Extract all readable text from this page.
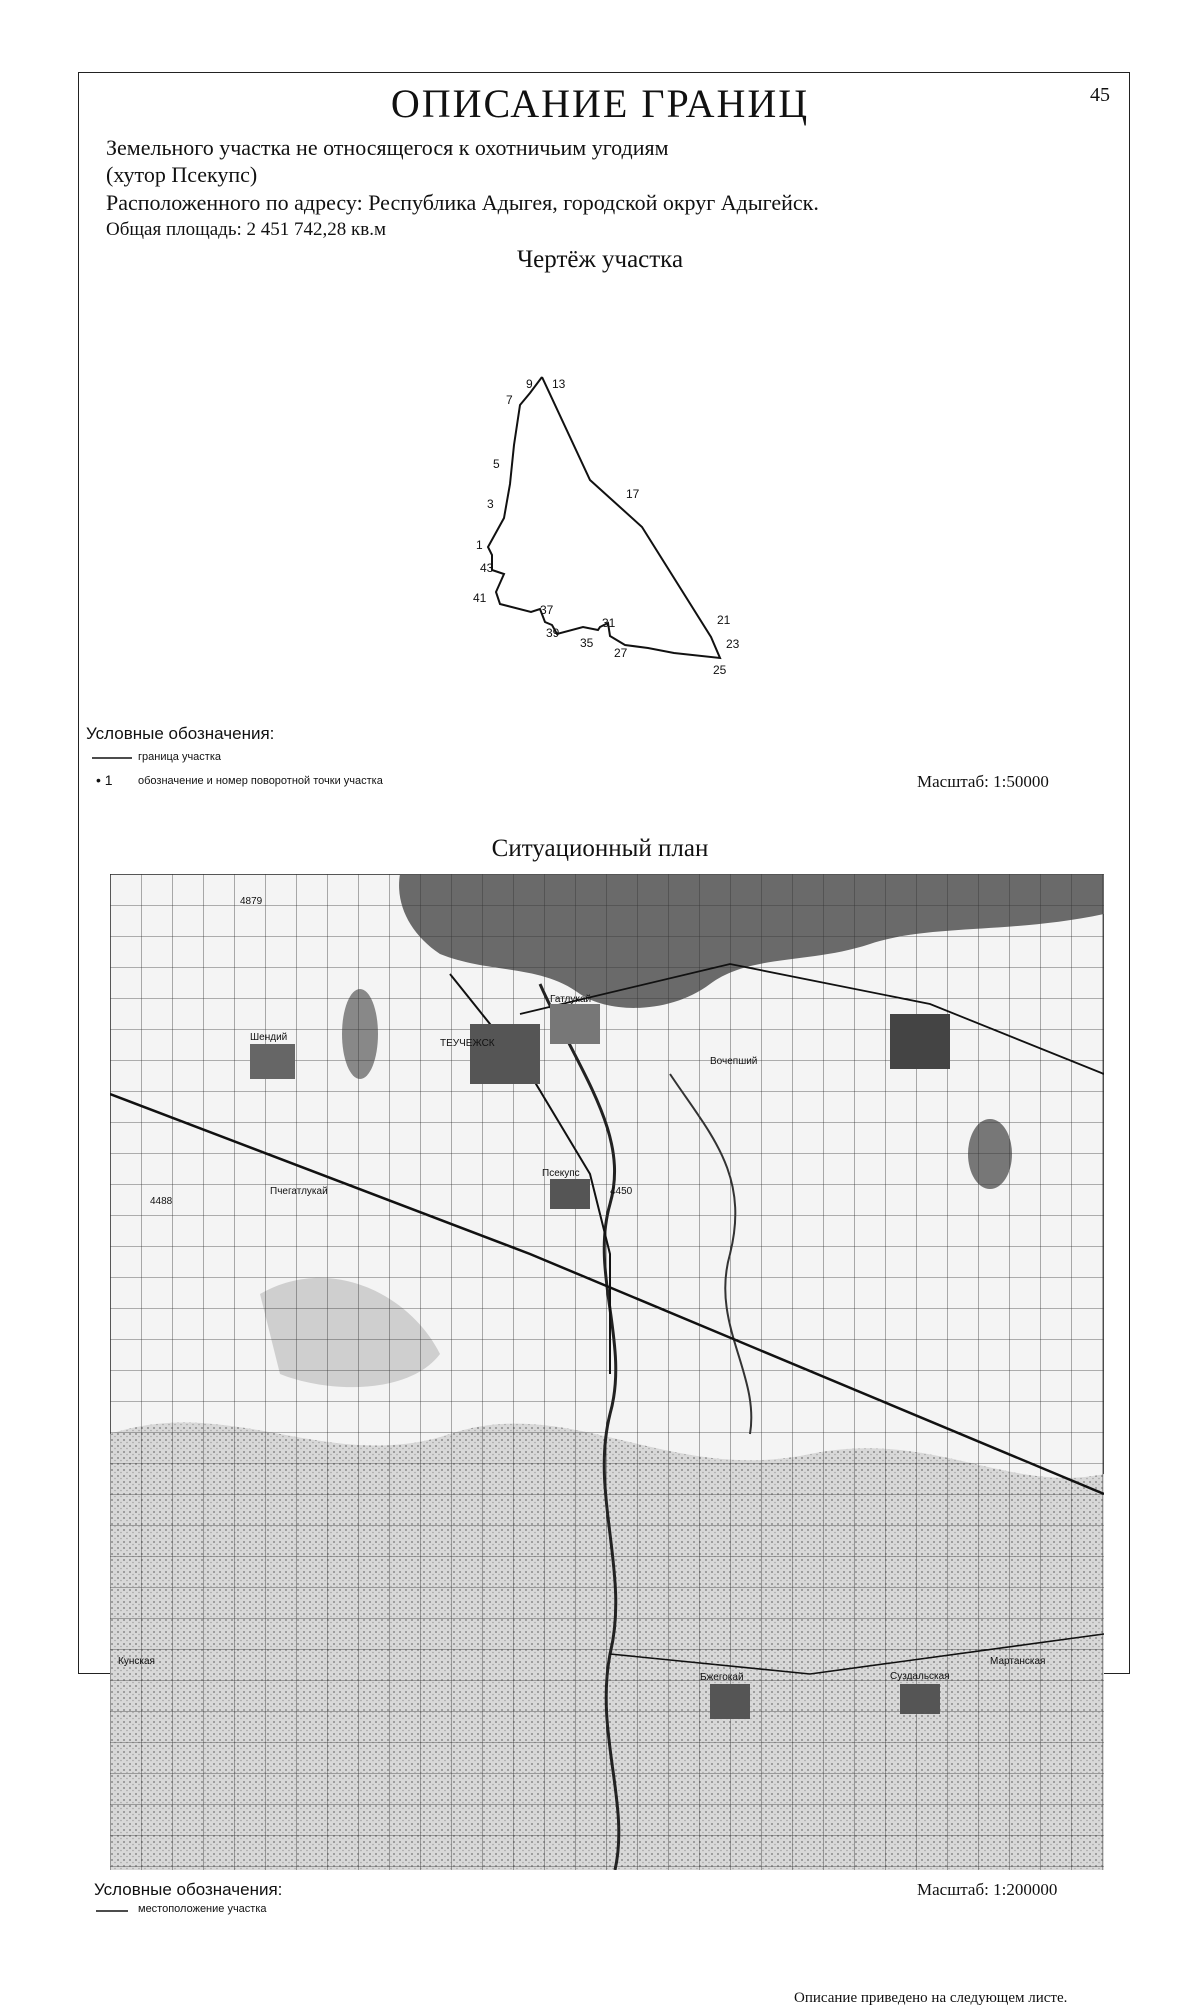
ОПИСАНИЕ ГРАНИЦ	45
Земельного участка не относящегося к охотничьим угодиям
(хутор Псекупс)
Расположенного по адресу: Республика Адыгея, городской округ Адыгейск.
Общая площадь: 2 451 742,28 кв.м
Чертёж участка
9 13
7
5
17
3
1
43
41
37
39
35
31
27
21
23
25
Условные обозначения:
граница участка
• 1 обозначение и номер поворотной точки участка	Масштаб: 1:50000
Ситуационный план
ТЕУЧЕЖСК
Гатлукай
Псекупс
Шендий
Вочепший
Пчегатлукай
Суздальская
Мартанская
Бжегокай
Кунская
4879
4450
4488
Условные обозначения:
местоположение участка
Масштаб: 1:200000
Описание приведено на следующем листе.
